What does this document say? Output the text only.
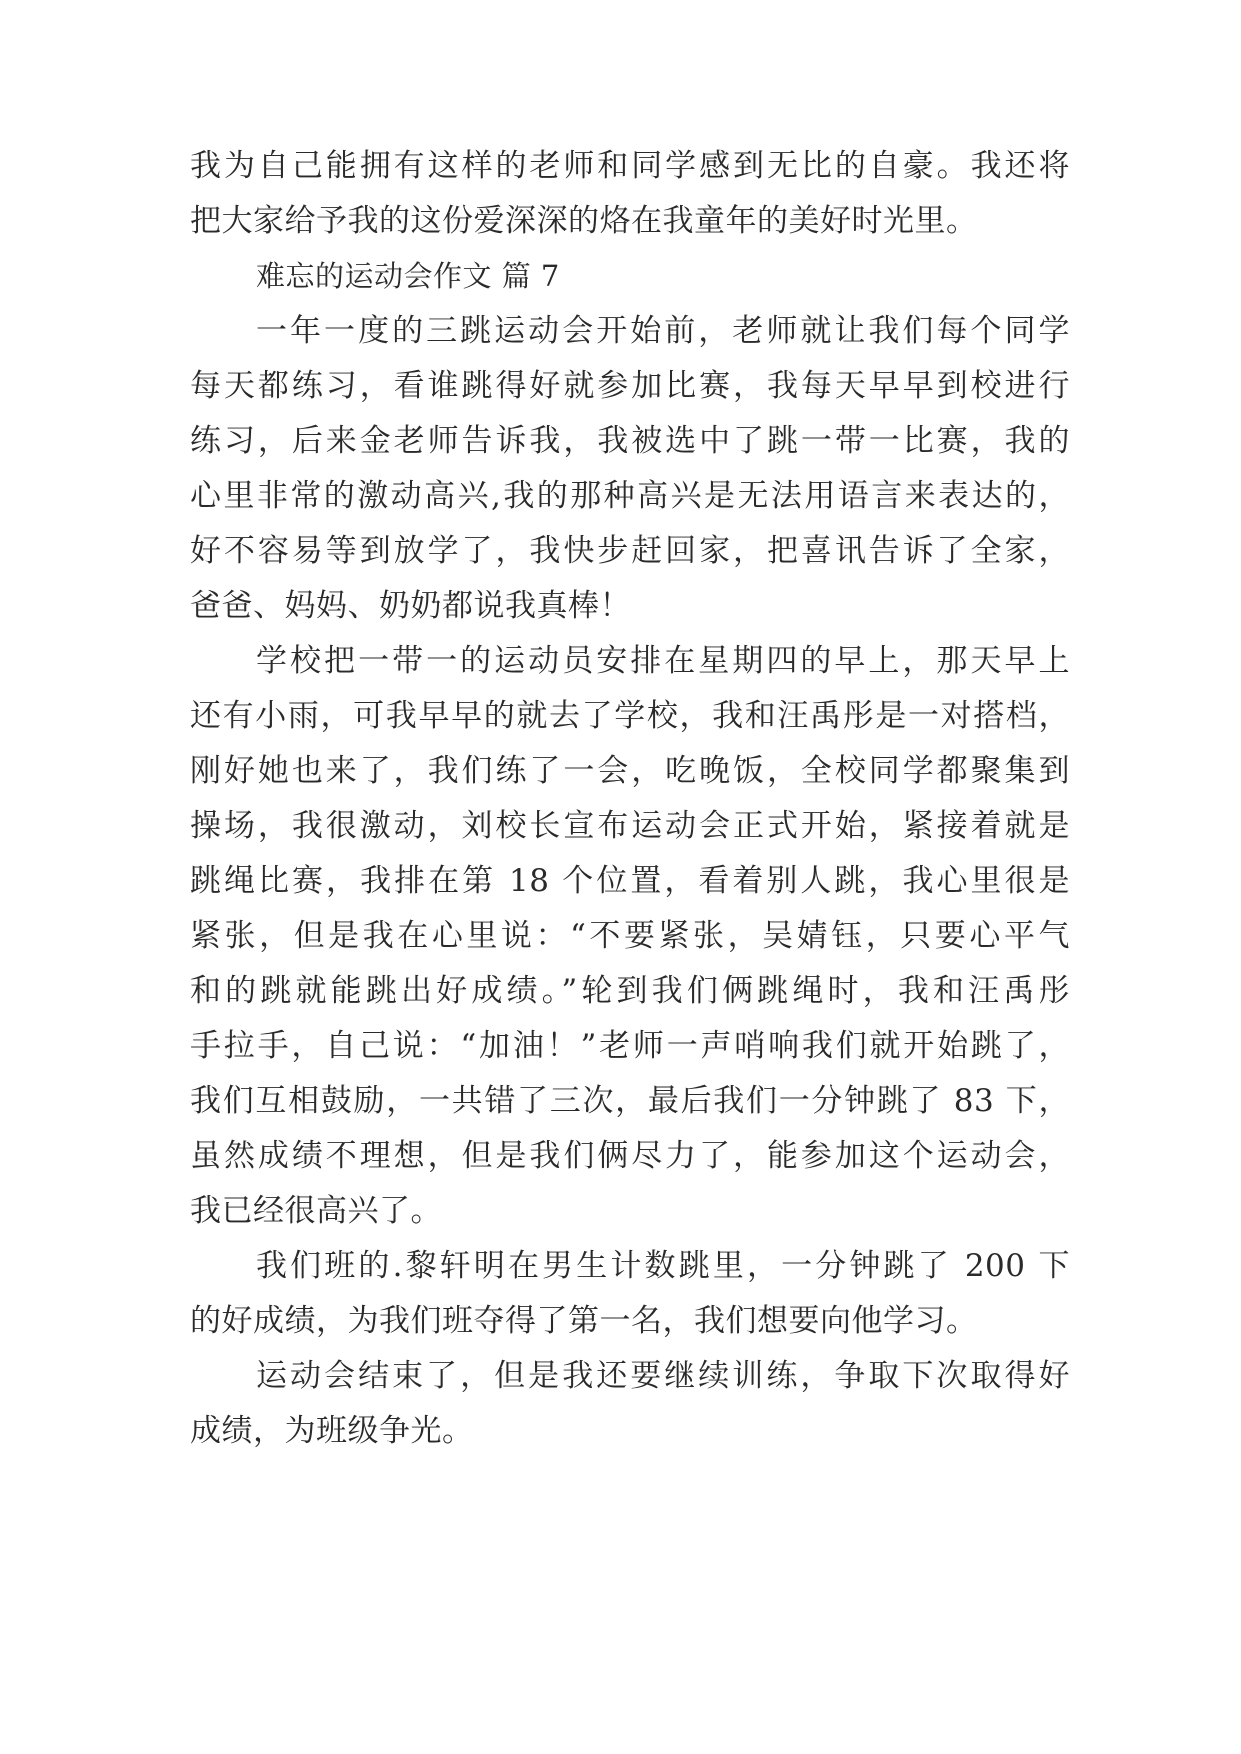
我为自己能拥有这样的老师和同学感到无比的自豪。我还将
把大家给予我的这份爱深深的烙在我童年的美好时光里。
难忘的运动会作文 篇 7
一年一度的三跳运动会开始前，老师就让我们每个同学
每天都练习，看谁跳得好就参加比赛，我每天早早到校进行
练习，后来金老师告诉我，我被选中了跳一带一比赛，我的
心里非常的激动高兴,我的那种高兴是无法用语言来表达的，
好不容易等到放学了，我快步赶回家，把喜讯告诉了全家，
爸爸、妈妈、奶奶都说我真棒！
学校把一带一的运动员安排在星期四的早上，那天早上
还有小雨，可我早早的就去了学校，我和汪禹彤是一对搭档，
刚好她也来了，我们练了一会，吃晚饭，全校同学都聚集到
操场，我很激动，刘校长宣布运动会正式开始，紧接着就是
跳绳比赛，我排在第 18 个位置，看着别人跳，我心里很是
紧张，但是我在心里说：“不要紧张，吴婧钰，只要心平气
和的跳就能跳出好成绩。”轮到我们俩跳绳时，我和汪禹彤
手拉手，自己说：“加油！”老师一声哨响我们就开始跳了，
我们互相鼓励，一共错了三次，最后我们一分钟跳了 83 下，
虽然成绩不理想，但是我们俩尽力了，能参加这个运动会，
我已经很高兴了。
我们班的.黎轩明在男生计数跳里，一分钟跳了 200 下
的好成绩，为我们班夺得了第一名，我们想要向他学习。
运动会结束了，但是我还要继续训练，争取下次取得好
成绩，为班级争光。
